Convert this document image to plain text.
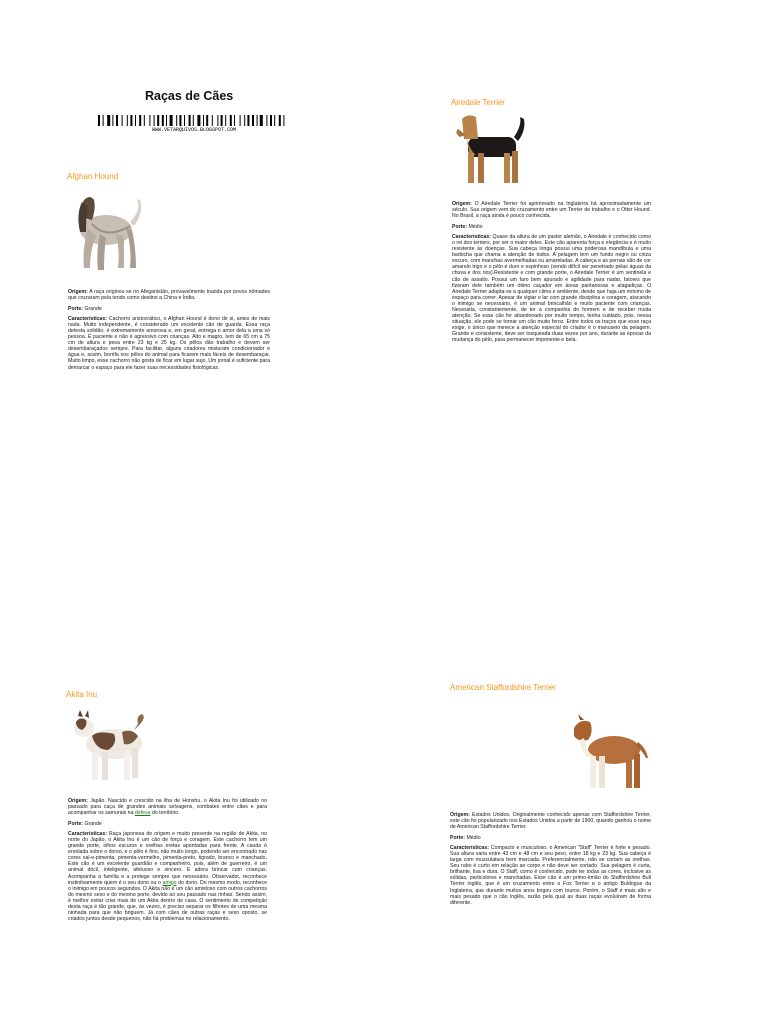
Raças de Cães
WWW.VETARQUIVOS.BLOGSPOT.COM
Afghan Hound

Origem: A raça originou-se no Afeganistão, provavelmente trazida por povos nômades que cruzaram pela tendo como destino a China e Índia.

Porte: Grande

Características: Cachorro aristocrático, o Afghan Hound é dono de si, antes de mais nada. Muito independente, é considerado um excelente cão de guarda. Essa raça detesta solidão, é extremamente amorosa e, em geral, entrega o amor dela a uma só pessoa. É paciente e não é agressivo com crianças. Alto e magro, tem de 65 cm a 75 cm de altura e pesa entre 23 kg e 25 kg. Os pêlos dão trabalho e devem ser desembaraçados sempre. Para facilitar, alguns criadores misturam condicionador e água e, assim, borrifa nos pêlos do animal para ficarem mais fáceis de desembaraçar. Muito limpo, esse cachorro não gosta de ficar em lugar sujo. Um jornal é suficiente para demarcar o espaço para ele fazer suas necessidades fisiológicas.

Airedale Terrier

Origem: O Airedale Terrier foi aprimorado na Inglaterra há aproximadamente um século. Sua origem vem do cruzamento entre um Terrier de trabalho e o Otter Hound. No Brasil, a raça ainda é pouco conhecida.

Porte: Médio

Características: Quase da altura de um pastor alemão, o Airedale é conhecido como o rei dos terriers, por ser o maior deles. Este cão aparenta força e elegância e é muito resistente às doenças. Sua cabeça longa possui uma poderosa mandíbula e uma barbicha que chama a atenção de todos. A pelagem tem um fundo negro ou cinza escuro, com manchas avermelhadas ou amareladas. A cabeça e as pernas são de cor amarelo trigo e o pêlo é duro e espinhoso (sendo difícil ser penetrado pelas águas da chuva e dos rios).Resistente e com grande porte, o Airedale Terrier é um sentinela e cão de assalto. Possui um faro bem apurado e agilidade para nadar, fatores que fizeram dele também um ótimo caçador em áreas pantanosas e alagadiças. O Airedale Terrier adapta-se a qualquer clima e ambiente, desde que haja um mínimo de espaço para correr. Apesar de vigiar o lar com grande disciplina e coragem, atacando o inimigo se necessário, é um animal brincalhão e muito paciente com crianças. Necessita, constantemente, de ter a companhia do homem e de receber muita atenção. Se esse cão for abandonado por muito tempo, tenha cuidado, pois, nessa situação, ele pode se tornar um cão muito feroz. Entre todos os traços que esse raça exige, o único que merece a atenção especial do criador é o manuseio da pelagem. Grande e consistente, deve ser tosqueada duas vezes por ano, durante as épocas da mudança do pêlo, para permanecer imponente e bela.

Akita Inu

Origem: Japão. Nascido e crescido na ilha de Honshu, o Akita Inu foi utilizado no passado para caça de grandes animais selvagens, combates entre cães e para acompanhar os samurais na defesa do território.

Porte: Grande

Características: Raça japonesa de origem e muito presente na região de Akita, no norte do Japão, o Akita Inu é um cão de força e coragem. Este cachorro tem um grande porte, olhos escuros e orelhas eretas apontadas para frente. A cauda é enrolada sobre o dorso, e o pêlo é fino, não muito longo, podendo ser encontrado nas cores sal-e-pimenta, pimenta-vermelho, pimenta-preto, tigrado, branco e manchado. Este cão é um excelente guardião e companheiro, pois, além de guerreiro, é um animal dócil, inteligente, afetuoso e sincero. E adora brincar com crianças. Acompanha a família e a protege sempre que necessário. Observador, reconhece instintivamente quem é o seu dono ou o amigo do dono. Do mesmo modo, reconhece o inimigo em poucos segundos. O Akita não é um cão amistoso com outros cachorros do mesmo sexo e do mesmo porte, devido ao seu passado nas rinhas. Sendo assim, é melhor evitar criar mais de um Akita dentro de casa. O sentimento de competição desta raça é tão grande, que, às vezes, é preciso separar os filhotes de uma mesma ninhada para que não briguem. Já com cães de outras raças e sexo oposto, se criados juntos desde pequenos, não há problemas no relacionamento.

American Staffordshire Terrier

Origem: Estados Unidos. Originalmente conhecido apenas com Staffordshire Terrier, este cão foi popularizado nos Estados Unidos a partir de 1900, quando ganhou o nome de American Staffordshire Terrier.

Porte: Médio

Características: Compacto e musculoso, o American "Staff" Terrier é forte e pesado. Sua altura varia entre 43 cm e 48 cm e seu peso, entre 18 kg e 23 kg. Sua cabeça é larga com musculatura bem marcada. Preferencialmente, não se cortam as orelhas. Seu rabo é curto em relação ao corpo e não deve ser cortado. Sua pelagem é curta, brilhante, lisa e dura. O Staff, como é conhecido, pode ter todas as cores, inclusive as sólidas, particolores e manchadas. Esse cão é um primo-irmão do Staffordshire Bull Terrier inglês, que é um cruzamento entre o Fox Terrier e o antigo Buldogue da Inglaterra, que durante muitos anos brigou com touros. Porém, o Staff é mais alto e mais pesado que o cão inglês, razão pela qual as duas raças evoluíram de forma diferente.
